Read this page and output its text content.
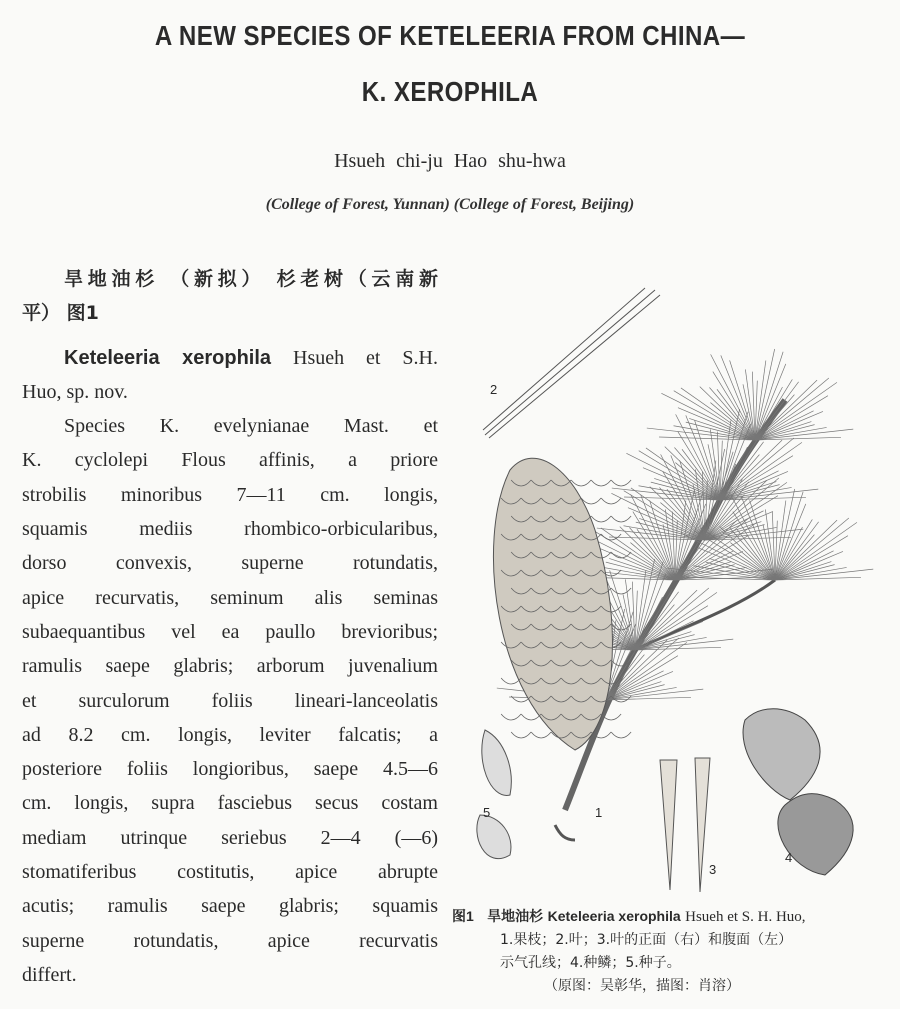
A NEW SPECIES OF KETELEERIA FROM CHINA—
K. XEROPHILA
Hsueh chi-ju Hao shu-hwa
(College of Forest, Yunnan) (College of Forest, Beijing)
旱地油杉 （新拟） 杉老树（云南新
平） 图1
Keteleeria xerophila Hsueh et S.H.
Huo, sp. nov.
Species K. evelynianae Mast. et
K. cyclolepi Flous affinis, a priore
strobilis minoribus 7—11 cm. longis,
squamis mediis rhombico-orbicularibus,
dorso convexis, superne rotundatis,
apice recurvatis, seminum alis seminas
subaequantibus vel ea paullo brevioribus;
ramulis saepe glabris; arborum juvenalium
et surculorum foliis lineari-lanceolatis
ad 8.2 cm. longis, leviter falcatis; a
posteriore foliis longioribus, saepe 4.5—6
cm. longis, supra fasciebus secus costam
mediam utrinque seriebus 2—4 (—6)
stomatiferibus costitutis, apice abrupte
acutis; ramulis saepe glabris; squamis
superne rotundatis, apice recurvatis
differt.
2
1
5
3
4
图1 旱地油杉 Keteleeria xerophila Hsueh et S. H. Huo,
1.果枝；2.叶；3.叶的正面（右）和腹面（左）
示气孔线；4.种鳞；5.种子。
（原图：吴彰华，描图：肖溶）
